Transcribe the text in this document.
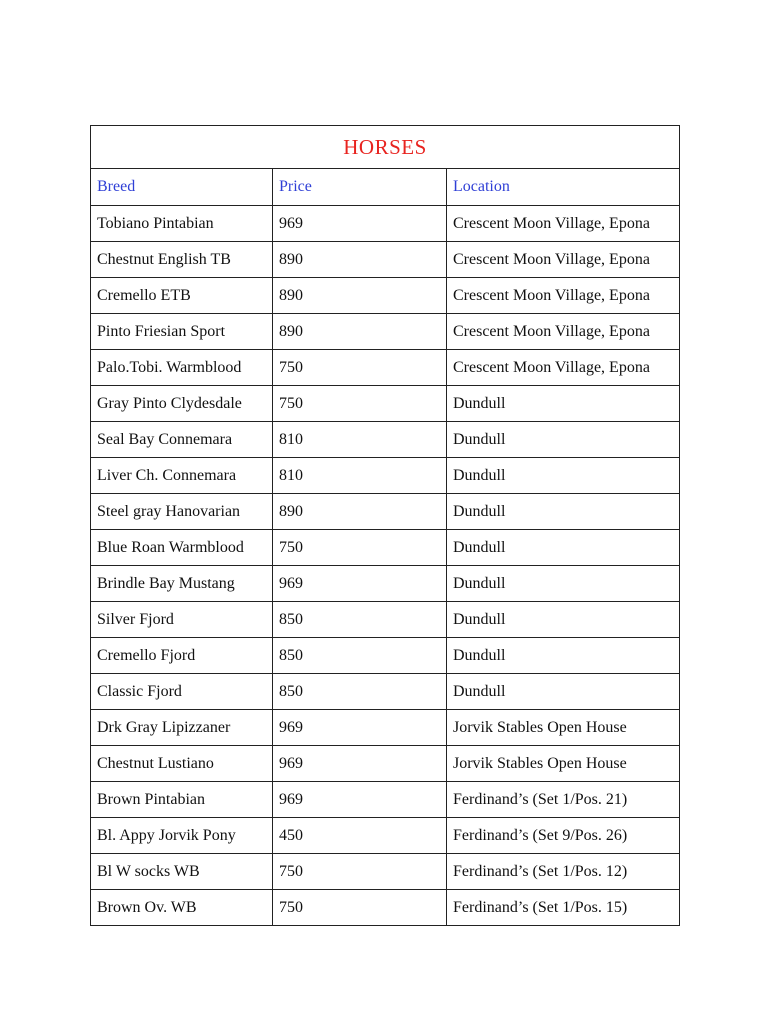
HORSES		
Breed	Price	Location
Tobiano Pintabian	969	Crescent Moon Village, Epona
Chestnut English TB	890	Crescent Moon Village, Epona
Cremello ETB	890	Crescent Moon Village, Epona
Pinto Friesian Sport	890	Crescent Moon Village, Epona
Palo.Tobi. Warmblood	750	Crescent Moon Village, Epona
Gray Pinto Clydesdale	750	Dundull
Seal Bay Connemara	810	Dundull
Liver Ch. Connemara	810	Dundull
Steel gray Hanovarian	890	Dundull
Blue Roan Warmblood	750	Dundull
Brindle Bay Mustang	969	Dundull
Silver Fjord	850	Dundull
Cremello Fjord	850	Dundull
Classic Fjord	850	Dundull
Drk Gray Lipizzaner	969	Jorvik Stables Open House
Chestnut Lustiano	969	Jorvik Stables Open House
Brown Pintabian	969	Ferdinand’s (Set 1/Pos. 21)
Bl. Appy Jorvik Pony	450	Ferdinand’s (Set 9/Pos. 26)
Bl W socks WB	750	Ferdinand’s (Set 1/Pos. 12)
Brown Ov. WB	750	Ferdinand’s (Set 1/Pos. 15)
